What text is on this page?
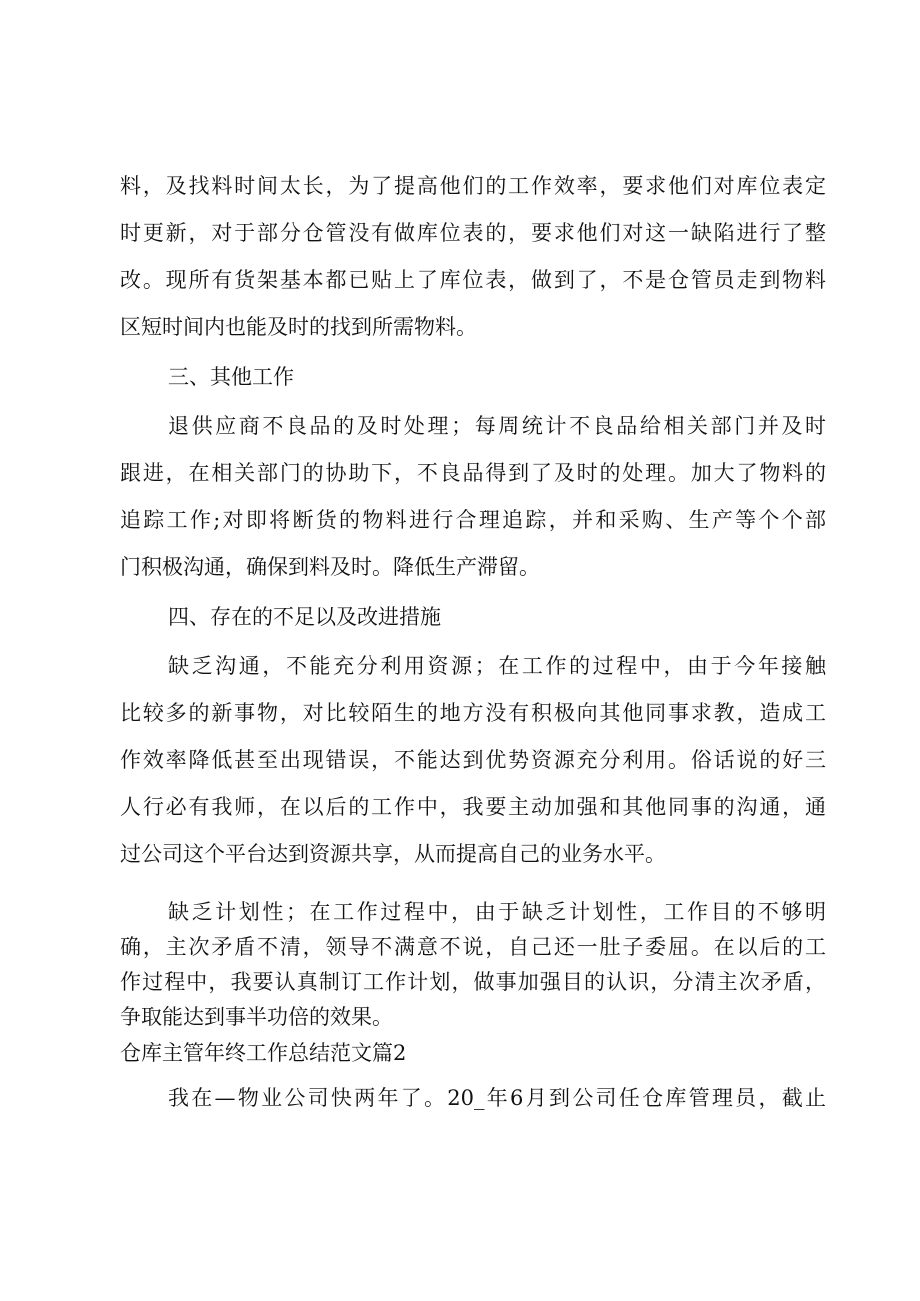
料，及找料时间太长，为了提高他们的工作效率，要求他们对库位表定
时更新，对于部分仓管没有做库位表的，要求他们对这一缺陷进行了整
改。现所有货架基本都已贴上了库位表，做到了，不是仓管员走到物料
区短时间内也能及时的找到所需物料。
三、其他工作
退供应商不良品的及时处理；每周统计不良品给相关部门并及时
跟进，在相关部门的协助下，不良品得到了及时的处理。加大了物料的
追踪工作;对即将断货的物料进行合理追踪，并和采购、生产等个个部
门积极沟通，确保到料及时。降低生产滞留。
四、存在的不足以及改进措施
缺乏沟通，不能充分利用资源；在工作的过程中，由于今年接触
比较多的新事物，对比较陌生的地方没有积极向其他同事求教，造成工
作效率降低甚至出现错误，不能达到优势资源充分利用。俗话说的好三
人行必有我师，在以后的工作中，我要主动加强和其他同事的沟通，通
过公司这个平台达到资源共享，从而提高自己的业务水平。
缺乏计划性；在工作过程中，由于缺乏计划性，工作目的不够明
确，主次矛盾不清，领导不满意不说，自己还一肚子委屈。在以后的工
作过程中，我要认真制订工作计划，做事加强目的认识，分清主次矛盾，
争取能达到事半功倍的效果。
仓库主管年终工作总结范文篇2
我在—物业公司快两年了。20_年6月到公司任仓库管理员，截止
